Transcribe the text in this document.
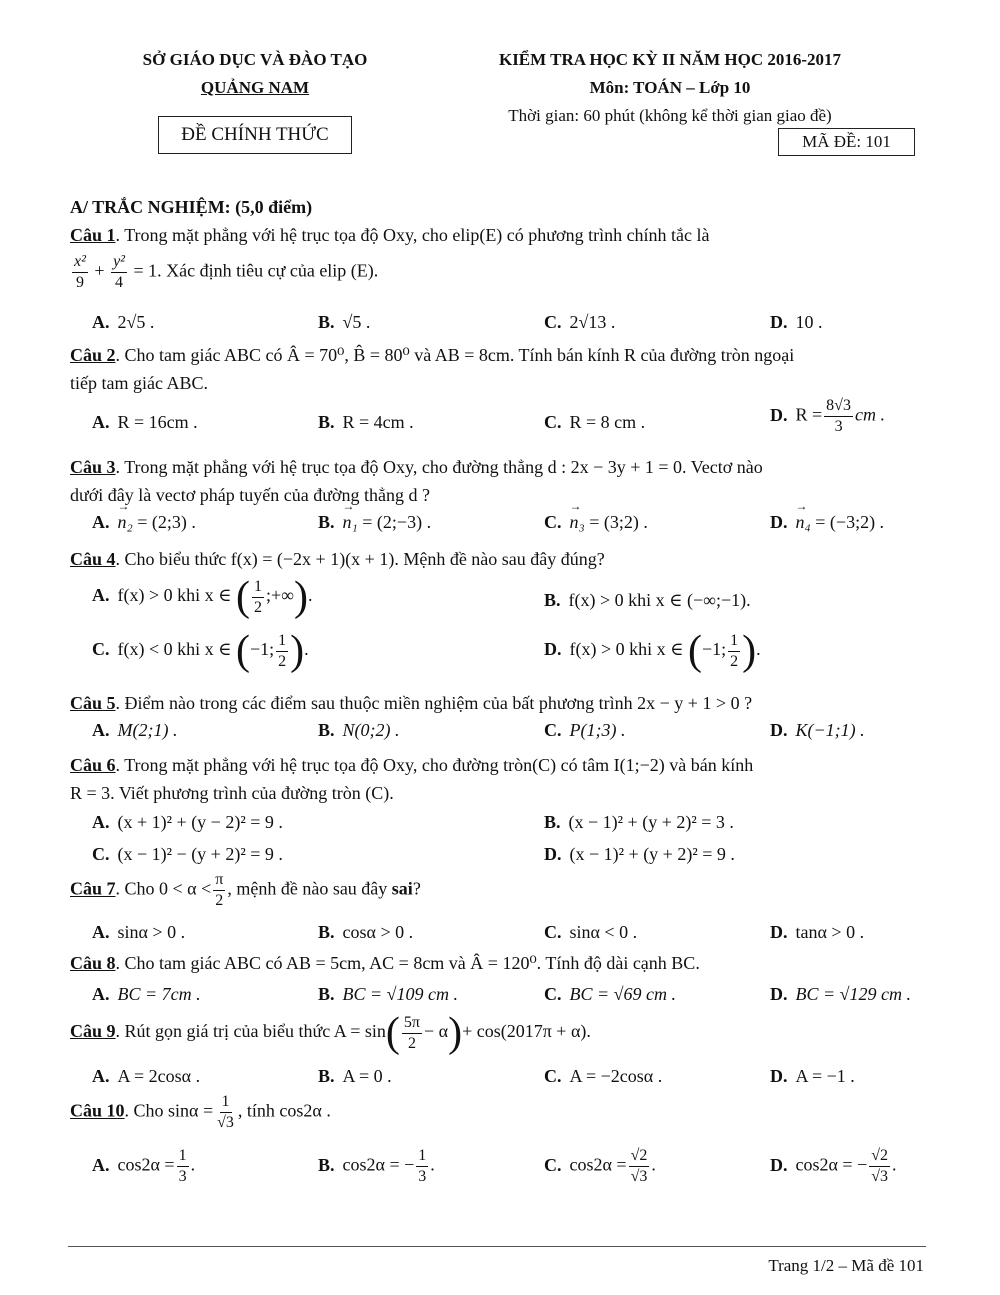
SỞ GIÁO DỤC VÀ ĐÀO TẠO
QUẢNG NAM
ĐỀ CHÍNH THỨC
KIỂM TRA HỌC KỲ II NĂM HỌC 2016-2017
Môn: TOÁN – Lớp 10
Thời gian: 60 phút (không kể thời gian giao đề)
MÃ ĐỀ: 101
A/ TRẮC NGHIỆM: (5,0 điểm)
Câu 1. Trong mặt phẳng với hệ trục tọa độ Oxy, cho elip(E) có phương trình chính tắc là
$\frac{\text{x²}}{9} + \frac{\text{y²}}{4} = 1$. Xác định tiêu cự của elip (E).
A. 2√5 .	B. √5 .	C. 2√13 .	D. 10 .
Câu 2. Cho tam giác ABC có Â = 70⁰, B̂ = 80⁰ và AB = 8cm. Tính bán kính R của đường tròn ngoại
tiếp tam giác ABC.
A. R = 16cm .	B. R = 4cm .	C. R = 8 cm .	D. $R = \frac{8√3}{3}$ cm .
Câu 3. Trong mặt phẳng với hệ trục tọa độ Oxy, cho đường thẳng d : 2x − 3y + 1 = 0. Vectơ nào
dưới đây là vectơ pháp tuyến của đường thẳng d ?
A. → n₂ = (2;3) .	B. → n₁ = (2;−3) .	C. → n₃ = (3;2) .	D. → n₄ = (−3;2) .
Câu 4. Cho biểu thức f(x) = (−2x + 1)(x + 1). Mệnh đề nào sau đây đúng?
A. f(x) > 0 khi x ∈ ( $\frac{1}{2}$ ;+∞).	B. f(x) > 0 khi x ∈ (−∞;−1).
C. f(x) < 0 khi x ∈ (−1; $\frac{1}{2}$ ).	D. f(x) > 0 khi x ∈ (−1; $\frac{1}{2}$ ).
Câu 5. Điểm nào trong các điểm sau thuộc miền nghiệm của bất phương trình 2x − y + 1 > 0 ?
A. M(2;1) .	B. N(0;2) .	C. P(1;3) .	D. K(−1;1) .
Câu 6. Trong mặt phẳng với hệ trục tọa độ Oxy, cho đường tròn(C) có tâm I(1;−2) và bán kính
R = 3. Viết phương trình của đường tròn (C).
A. (x + 1)² + (y − 2)² = 9 .	B. (x − 1)² + (y + 2)² = 3 .
C. (x − 1)² − (y + 2)² = 9 .	D. (x − 1)² + (y + 2)² = 9 .
Câu 7. Cho $0 < \alpha < \frac{\pi}{2}$ , mệnh đề nào sau đây sai?
A. sinα > 0 .	B. cosα > 0 .	C. sinα < 0 .	D. tanα > 0 .
Câu 8. Cho tam giác ABC có AB = 5cm, AC = 8cm và Â = 120⁰. Tính độ dài cạnh BC.
A. BC = 7cm .	B. BC = √109 cm .	C. BC = √69 cm .	D. BC = √129 cm .
Câu 9. Rút gọn giá trị của biểu thức $A = \sin( \frac{5\pi}{2} - \alpha)+ \cos(2017\pi + \alpha)$.
A. A = 2cosα .	B. A = 0 .	C. A = −2cosα .	D. A = −1 .
Câu 10. Cho $\sin\alpha = \frac{1}{√3}$ , tính cos2α .
A. $\cos 2\alpha = \frac{1}{3}$ .	B. cos2α = − $\frac{1}{3}$ .	C. $\cos 2\alpha = \frac{√2}{√3}$ .	D. cos2α = − $\frac{√2}{√3}$ .
Trang 1/2 – Mã đề 101
